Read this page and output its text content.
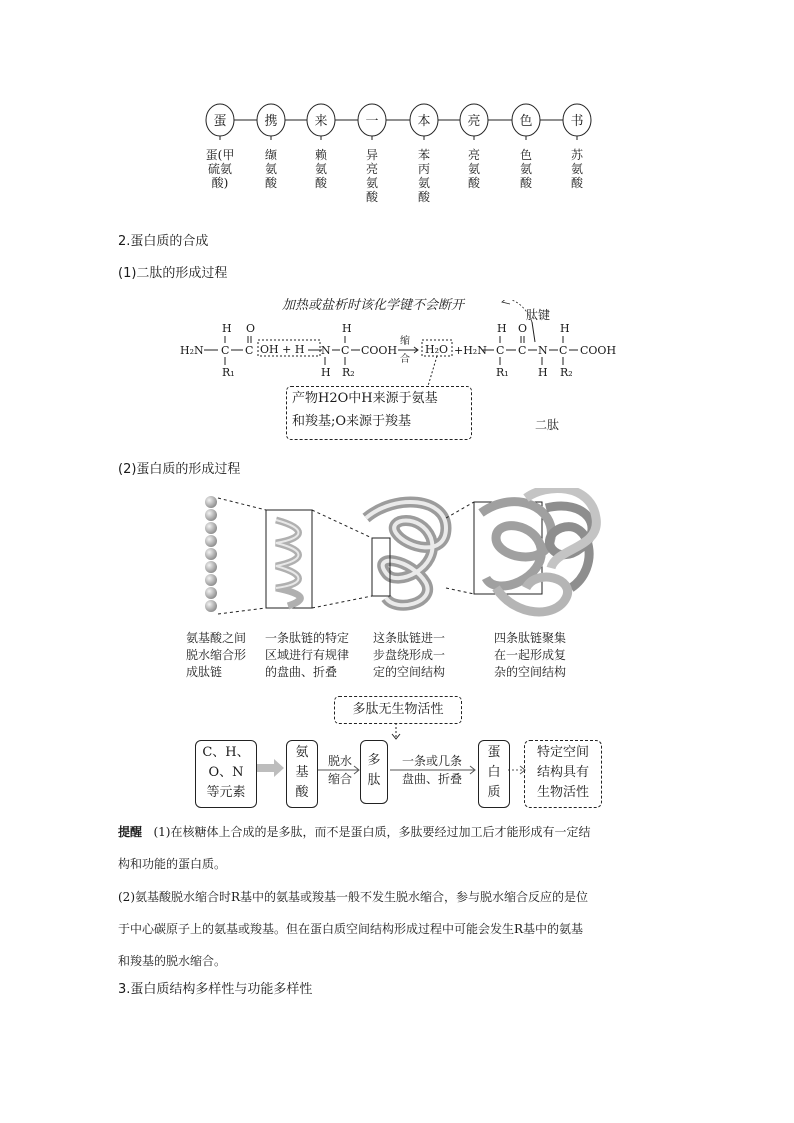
蛋	携	来	一	本	亮	色	书
蛋(甲硫氨酸)
缬氨酸
赖氨酸
异亮氨酸
苯丙氨酸
亮氨酸
色氨酸
苏氨酸
2.蛋白质的合成
(1)二肽的形成过程
加热或盐析时该化学键不会断开
肽键
H₂N C
H
R₁
C
O
OH + H N
H
C
H
R₂
COOH
缩
合
H₂O +H₂N C
H
R₁
C
O
N
H
C
H
R₂
COOH
产物H2O中H来源于氨基
和羧基;O来源于羧基	二肽
(2)蛋白质的形成过程
氨基酸之间
脱水缩合形
成肽链
一条肽链的特定
区域进行有规律
的盘曲、折叠
这条肽链进一
步盘绕形成一
定的空间结构
四条肽链聚集
在一起形成复
杂的空间结构
多肽无生物活性
C、H、
O、N
等元素
氨
基
酸
脱水
缩合
多
肽
一条或几条
盘曲、折叠
蛋
白
质
特定空间
结构具有
生物活性
提醒 (1)在核糖体上合成的是多肽，而不是蛋白质，多肽要经过加工后才能形成有一定结
构和功能的蛋白质。
(2)氨基酸脱水缩合时R基中的氨基或羧基一般不发生脱水缩合，参与脱水缩合反应的是位
于中心碳原子上的氨基或羧基。但在蛋白质空间结构形成过程中可能会发生R基中的氨基
和羧基的脱水缩合。
3.蛋白质结构多样性与功能多样性
